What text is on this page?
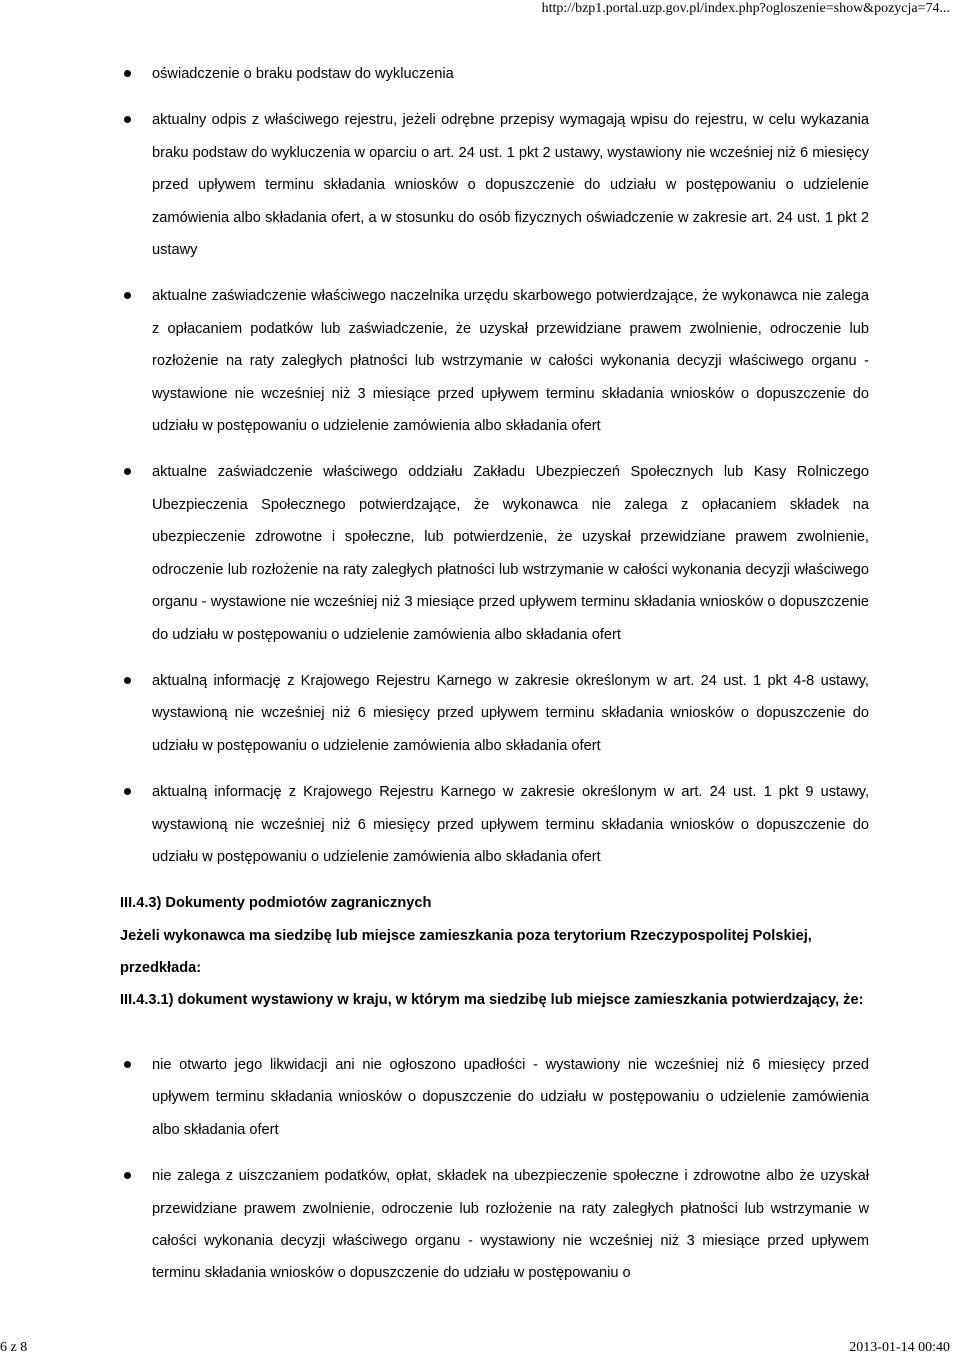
http://bzp1.portal.uzp.gov.pl/index.php?ogloszenie=show&pozycja=74...
oświadczenie o braku podstaw do wykluczenia
aktualny odpis z właściwego rejestru, jeżeli odrębne przepisy wymagają wpisu do rejestru, w celu wykazania braku podstaw do wykluczenia w oparciu o art. 24 ust. 1 pkt 2 ustawy, wystawiony nie wcześniej niż 6 miesięcy przed upływem terminu składania wniosków o dopuszczenie do udziału w postępowaniu o udzielenie zamówienia albo składania ofert, a w stosunku do osób fizycznych oświadczenie w zakresie art. 24 ust. 1 pkt 2 ustawy
aktualne zaświadczenie właściwego naczelnika urzędu skarbowego potwierdzające, że wykonawca nie zalega z opłacaniem podatków lub zaświadczenie, że uzyskał przewidziane prawem zwolnienie, odroczenie lub rozłożenie na raty zaległych płatności lub wstrzymanie w całości wykonania decyzji właściwego organu - wystawione nie wcześniej niż 3 miesiące przed upływem terminu składania wniosków o dopuszczenie do udziału w postępowaniu o udzielenie zamówienia albo składania ofert
aktualne zaświadczenie właściwego oddziału Zakładu Ubezpieczeń Społecznych lub Kasy Rolniczego Ubezpieczenia Społecznego potwierdzające, że wykonawca nie zalega z opłacaniem składek na ubezpieczenie zdrowotne i społeczne, lub potwierdzenie, że uzyskał przewidziane prawem zwolnienie, odroczenie lub rozłożenie na raty zaległych płatności lub wstrzymanie w całości wykonania decyzji właściwego organu - wystawione nie wcześniej niż 3 miesiące przed upływem terminu składania wniosków o dopuszczenie do udziału w postępowaniu o udzielenie zamówienia albo składania ofert
aktualną informację z Krajowego Rejestru Karnego w zakresie określonym w art. 24 ust. 1 pkt 4-8 ustawy, wystawioną nie wcześniej niż 6 miesięcy przed upływem terminu składania wniosków o dopuszczenie do udziału w postępowaniu o udzielenie zamówienia albo składania ofert
aktualną informację z Krajowego Rejestru Karnego w zakresie określonym w art. 24 ust. 1 pkt 9 ustawy, wystawioną nie wcześniej niż 6 miesięcy przed upływem terminu składania wniosków o dopuszczenie do udziału w postępowaniu o udzielenie zamówienia albo składania ofert
III.4.3) Dokumenty podmiotów zagranicznych
Jeżeli wykonawca ma siedzibę lub miejsce zamieszkania poza terytorium Rzeczypospolitej Polskiej, przedkłada:
III.4.3.1) dokument wystawiony w kraju, w którym ma siedzibę lub miejsce zamieszkania potwierdzający, że:
nie otwarto jego likwidacji ani nie ogłoszono upadłości - wystawiony nie wcześniej niż 6 miesięcy przed upływem terminu składania wniosków o dopuszczenie do udziału w postępowaniu o udzielenie zamówienia albo składania ofert
nie zalega z uiszczaniem podatków, opłat, składek na ubezpieczenie społeczne i zdrowotne albo że uzyskał przewidziane prawem zwolnienie, odroczenie lub rozłożenie na raty zaległych płatności lub wstrzymanie w całości wykonania decyzji właściwego organu - wystawiony nie wcześniej niż 3 miesiące przed upływem terminu składania wniosków o dopuszczenie do udziału w postępowaniu o
6 z 8	2013-01-14 00:40
